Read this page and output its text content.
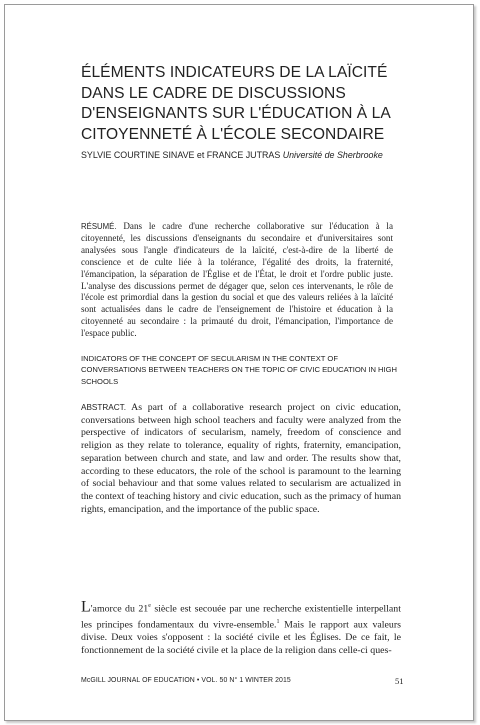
ÉLÉMENTS INDICATEURS DE LA LAÏCITÉ DANS LE CADRE DE DISCUSSIONS D'ENSEIGNANTS SUR L'ÉDUCATION À LA CITOYENNETÉ À L'ÉCOLE SECONDAIRE
SYLVIE COURTINE SINAVE et FRANCE JUTRAS Université de Sherbrooke
RÉSUMÉ. Dans le cadre d'une recherche collaborative sur l'éducation à la citoyenneté, les discussions d'enseignants du secondaire et d'universitaires sont analysées sous l'angle d'indicateurs de la laïcité, c'est-à-dire de la liberté de conscience et de culte liée à la tolérance, l'égalité des droits, la fraternité, l'émancipation, la séparation de l'Église et de l'État, le droit et l'ordre public juste. L'analyse des discussions permet de dégager que, selon ces intervenants, le rôle de l'école est primordial dans la gestion du social et que des valeurs reliées à la laïcité sont actualisées dans le cadre de l'enseignement de l'histoire et éducation à la citoyenneté au secondaire : la primauté du droit, l'émancipation, l'importance de l'espace public.
INDICATORS OF THE CONCEPT OF SECULARISM IN THE CONTEXT OF CONVERSATIONS BETWEEN TEACHERS ON THE TOPIC OF CIVIC EDUCATION IN HIGH SCHOOLS
ABSTRACT. As part of a collaborative research project on civic education, conversations between high school teachers and faculty were analyzed from the perspective of indicators of secularism, namely, freedom of conscience and religion as they relate to tolerance, equality of rights, fraternity, emancipation, separation between church and state, and law and order. The results show that, according to these educators, the role of the school is paramount to the learning of social behaviour and that some values related to secularism are actualized in the context of teaching history and civic education, such as the primacy of human rights, emancipation, and the importance of the public space.
L'amorce du 21e siècle est secouée par une recherche existentielle interpellant les principes fondamentaux du vivre-ensemble.$^1$ Mais le rapport aux valeurs divise. Deux voies s'opposent : la société civile et les Églises. De ce fait, le fonctionnement de la société civile et la place de la religion dans celle-ci ques-
McGILL JOURNAL OF EDUCATION • VOL. 50 N° 1 WINTER 2015	51
